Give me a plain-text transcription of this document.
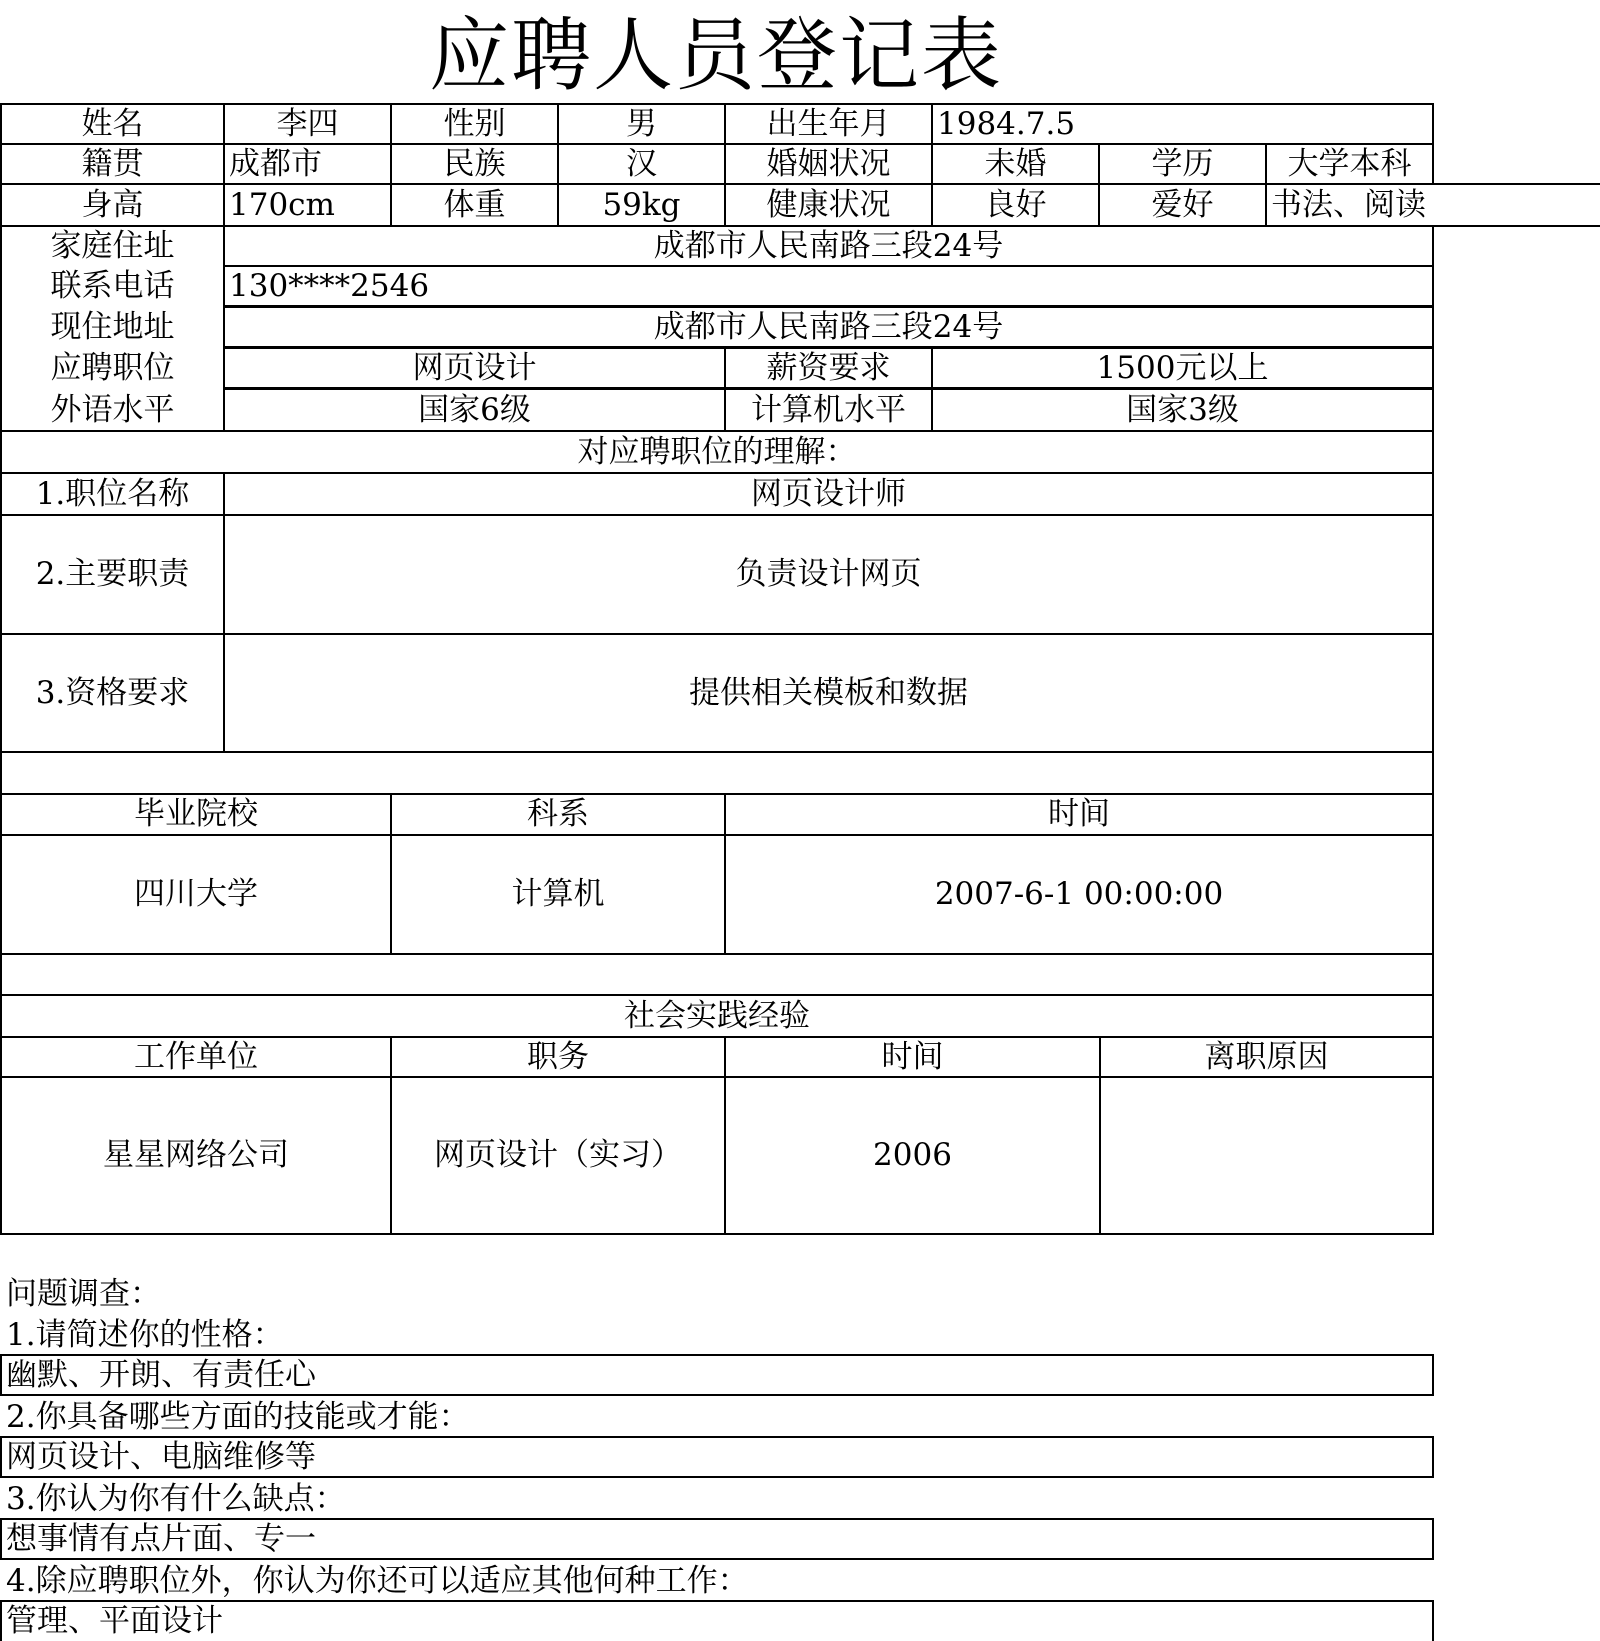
应聘人员登记表
姓名	李四	性别	男	出生年月	1984.7.5
籍贯	成都市	民族	汉	婚姻状况	未婚	学历	大学本科
身高	170cm	体重	59kg	健康状况	良好	爱好	书法、阅读
家庭住址	成都市人民南路三段24号
联系电话	130****2546
现住地址	成都市人民南路三段24号
应聘职位	网页设计	薪资要求	1500元以上
外语水平	国家6级	计算机水平	国家3级
对应聘职位的理解：
1.职位名称	网页设计师
2.主要职责	负责设计网页
3.资格要求	提供相关模板和数据
毕业院校	科系	时间
四川大学	计算机	2007-6-1 00:00:00
社会实践经验
工作单位	职务	时间	离职原因
星星网络公司	网页设计（实习）	2006
问题调查：
1.请简述你的性格：
幽默、开朗、有责任心
2.你具备哪些方面的技能或才能：
网页设计、电脑维修等
3.你认为你有什么缺点：
想事情有点片面、专一
4.除应聘职位外，你认为你还可以适应其他何种工作：
管理、平面设计
